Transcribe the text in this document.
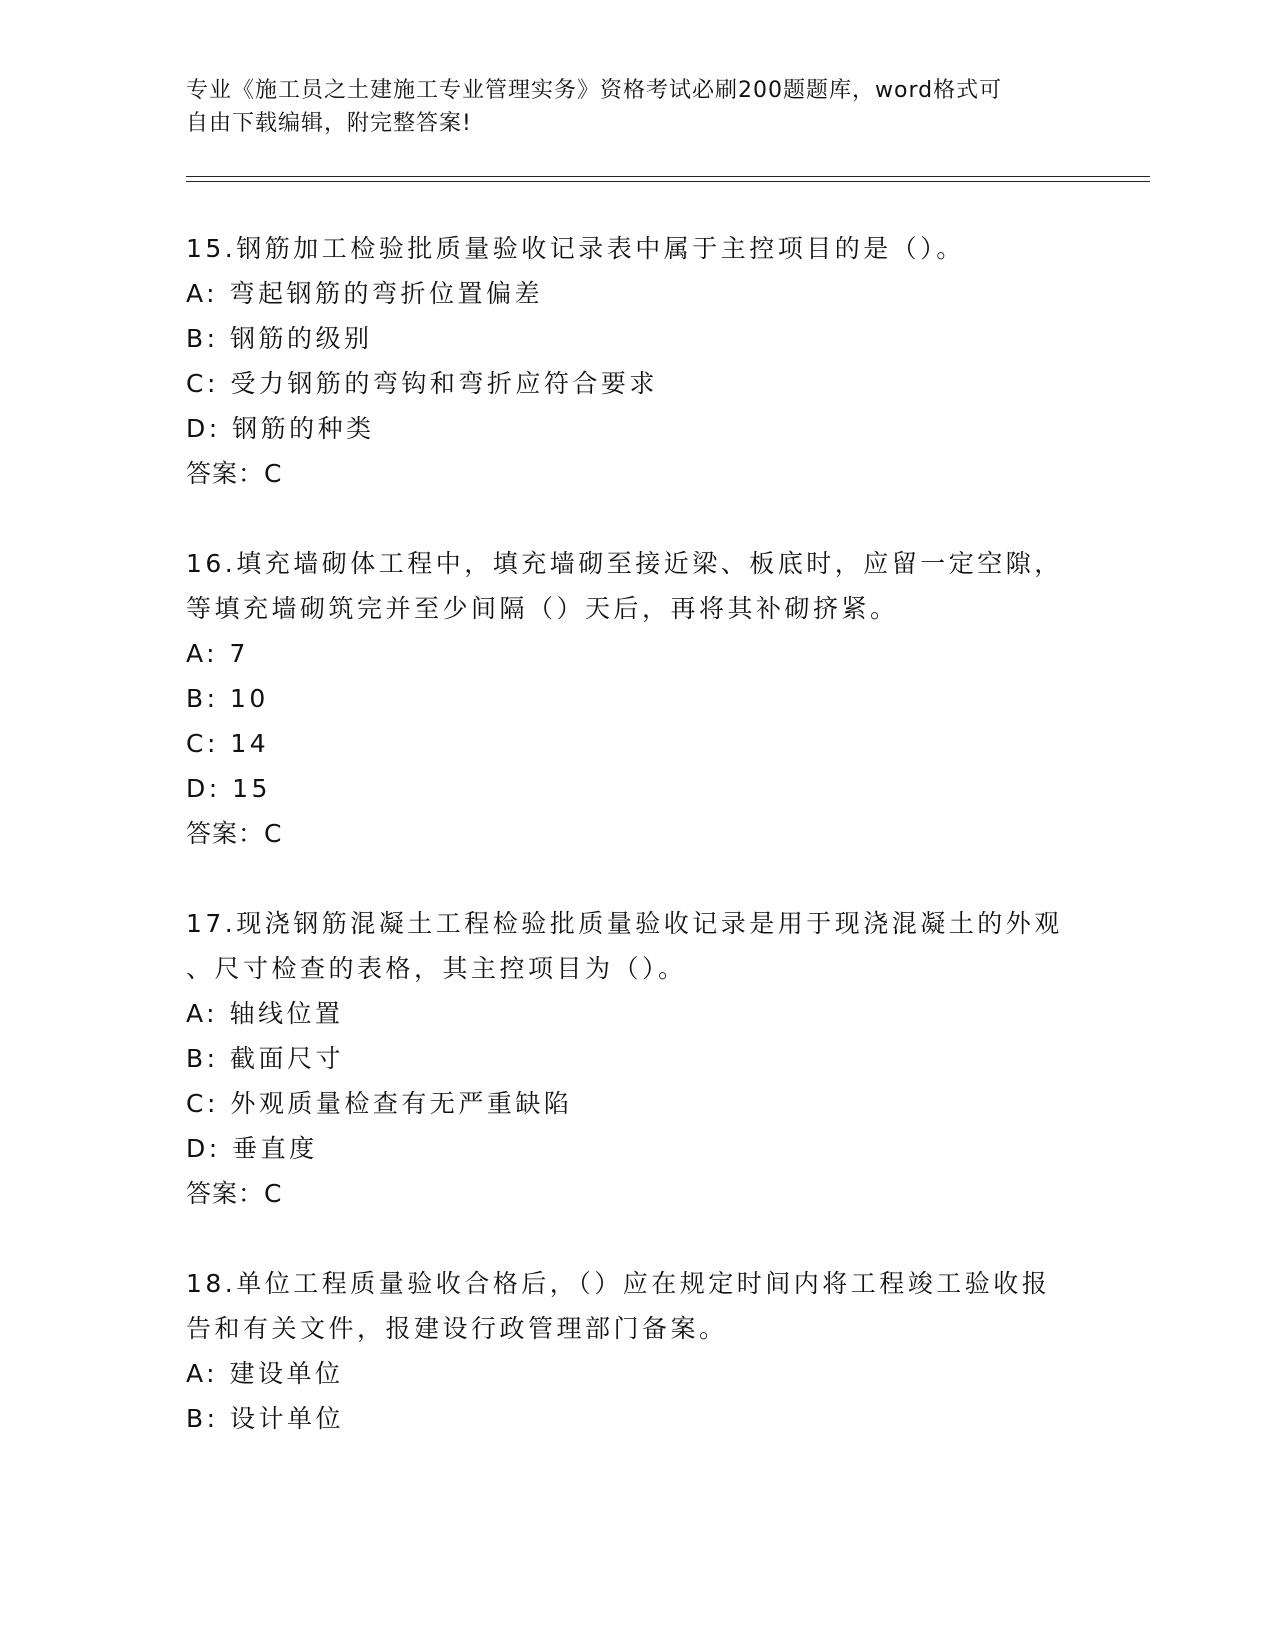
专业《施工员之土建施工专业管理实务》资格考试必刷200题题库，word格式可

自由下载编辑，附完整答案!

15.钢筋加工检验批质量验收记录表中属于主控项目的是（）。

A: 弯起钢筋的弯折位置偏差

B: 钢筋的级别

C: 受力钢筋的弯钩和弯折应符合要求

D: 钢筋的种类

答案：C

16.填充墙砌体工程中，填充墙砌至接近梁、板底时，应留一定空隙，

等填充墙砌筑完并至少间隔（）天后，再将其补砌挤紧。

A: 7

B: 10

C: 14

D: 15

答案：C

17.现浇钢筋混凝土工程检验批质量验收记录是用于现浇混凝土的外观

、尺寸检查的表格，其主控项目为（）。

A: 轴线位置

B: 截面尺寸

C: 外观质量检查有无严重缺陷

D: 垂直度

答案：C

18.单位工程质量验收合格后，（）应在规定时间内将工程竣工验收报

告和有关文件，报建设行政管理部门备案。

A: 建设单位

B: 设计单位
